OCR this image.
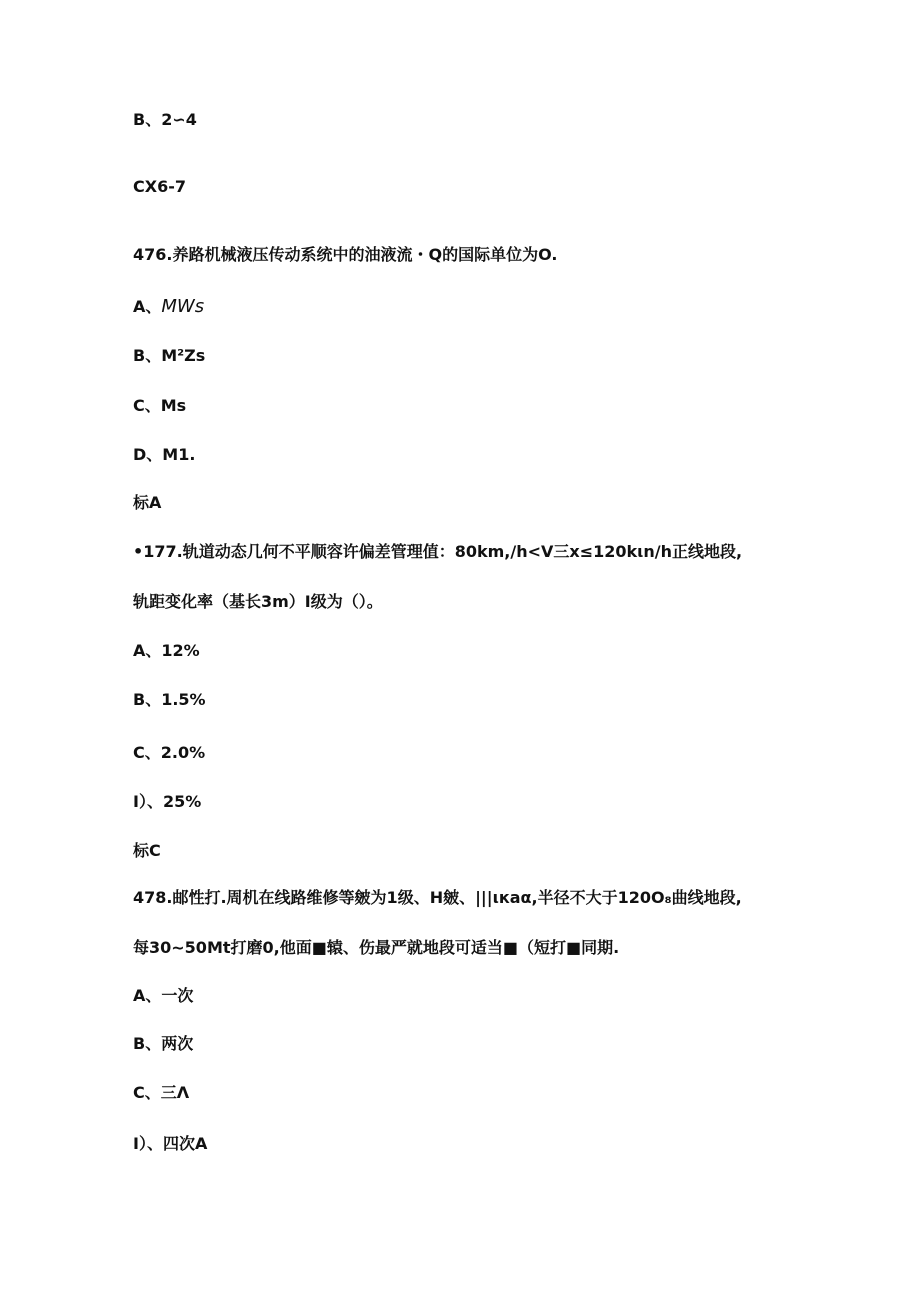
B、2∽4
CX6-7
476.养路机械液压传动系统中的油液流・Q的国际单位为O.
A、MWs
B、M²Zs
C、Ms
D、M1.
标A
•177.轨道动态几何不平顺容许偏差管理值：80km,/h<V三x≤120kιn/h正线地段,
轨距变化率（基长3m）I级为（）。
A、12%
B、1.5%
C、2.0%
I）、25%
标C
478.邮性打.周机在线路维修等皴为1级、H皴、|||ιкaα,半径不大于120O₈曲线地段,
每30~50Mt打磨0,他面■辕、伤最严就地段可适当■（短打■同期.
A、一次
B、两次
C、三Λ
I）、四次A
